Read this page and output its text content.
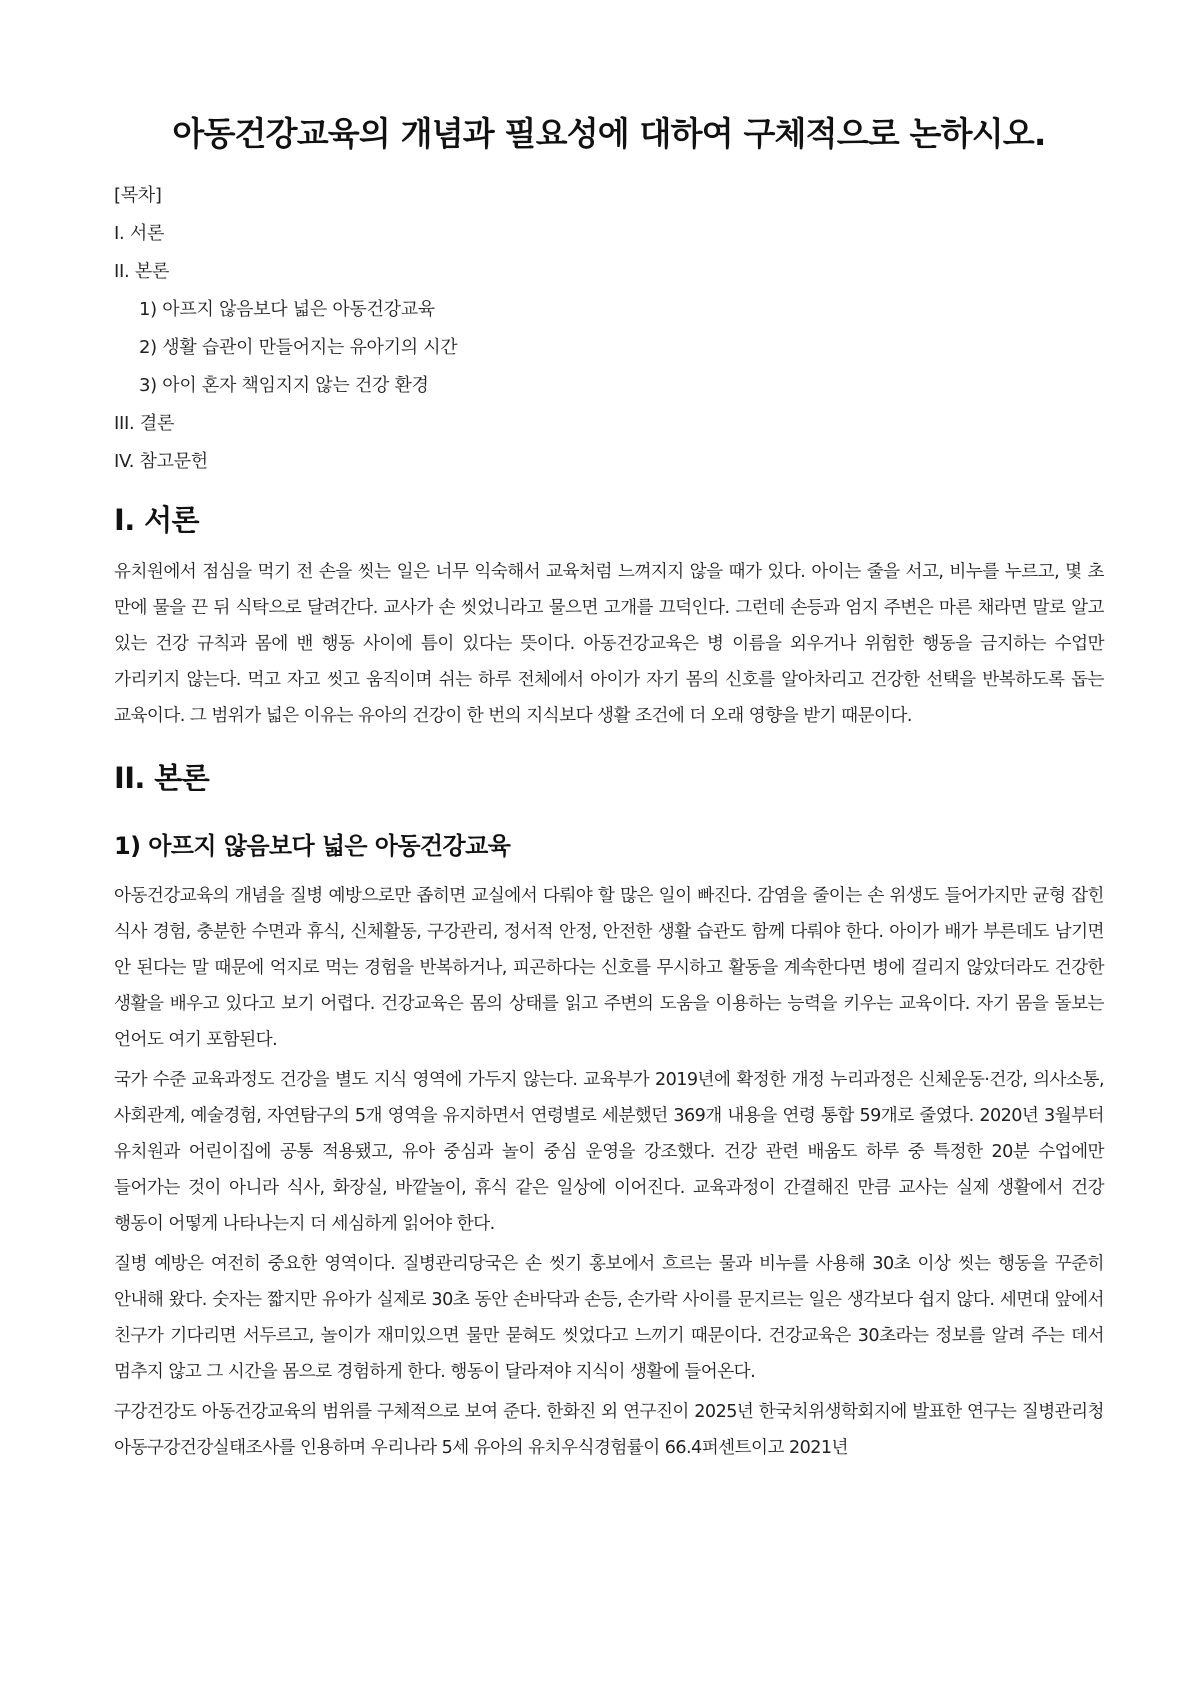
아동건강교육의 개념과 필요성에 대하여 구체적으로 논하시오.
[목차]
I. 서론
II. 본론
1) 아프지 않음보다 넓은 아동건강교육
2) 생활 습관이 만들어지는 유아기의 시간
3) 아이 혼자 책임지지 않는 건강 환경
III. 결론
IV. 참고문헌
I. 서론

유치원에서 점심을 먹기 전 손을 씻는 일은 너무 익숙해서 교육처럼 느껴지지 않을 때가 있다. 아이는 줄을 서고, 비누를 누르고, 몇 초 만에 물을 끈 뒤 식탁으로 달려간다. 교사가 손 씻었니라고 물으면 고개를 끄덕인다. 그런데 손등과 엄지 주변은 마른 채라면 말로 알고 있는 건강 규칙과 몸에 밴 행동 사이에 틈이 있다는 뜻이다. 아동건강교육은 병 이름을 외우거나 위험한 행동을 금지하는 수업만 가리키지 않는다. 먹고 자고 씻고 움직이며 쉬는 하루 전체에서 아이가 자기 몸의 신호를 알아차리고 건강한 선택을 반복하도록 돕는 교육이다. 그 범위가 넓은 이유는 유아의 건강이 한 번의 지식보다 생활 조건에 더 오래 영향을 받기 때문이다.

II. 본론
1) 아프지 않음보다 넓은 아동건강교육

아동건강교육의 개념을 질병 예방으로만 좁히면 교실에서 다뤄야 할 많은 일이 빠진다. 감염을 줄이는 손 위생도 들어가지만 균형 잡힌 식사 경험, 충분한 수면과 휴식, 신체활동, 구강관리, 정서적 안정, 안전한 생활 습관도 함께 다뤄야 한다. 아이가 배가 부른데도 남기면 안 된다는 말 때문에 억지로 먹는 경험을 반복하거나, 피곤하다는 신호를 무시하고 활동을 계속한다면 병에 걸리지 않았더라도 건강한 생활을 배우고 있다고 보기 어렵다. 건강교육은 몸의 상태를 읽고 주변의 도움을 이용하는 능력을 키우는 교육이다. 자기 몸을 돌보는 언어도 여기 포함된다.

국가 수준 교육과정도 건강을 별도 지식 영역에 가두지 않는다. 교육부가 2019년에 확정한 개정 누리과정은 신체운동·건강, 의사소통, 사회관계, 예술경험, 자연탐구의 5개 영역을 유지하면서 연령별로 세분했던 369개 내용을 연령 통합 59개로 줄였다. 2020년 3월부터 유치원과 어린이집에 공통 적용됐고, 유아 중심과 놀이 중심 운영을 강조했다. 건강 관련 배움도 하루 중 특정한 20분 수업에만 들어가는 것이 아니라 식사, 화장실, 바깥놀이, 휴식 같은 일상에 이어진다. 교육과정이 간결해진 만큼 교사는 실제 생활에서 건강 행동이 어떻게 나타나는지 더 세심하게 읽어야 한다.

질병 예방은 여전히 중요한 영역이다. 질병관리당국은 손 씻기 홍보에서 흐르는 물과 비누를 사용해 30초 이상 씻는 행동을 꾸준히 안내해 왔다. 숫자는 짧지만 유아가 실제로 30초 동안 손바닥과 손등, 손가락 사이를 문지르는 일은 생각보다 쉽지 않다. 세면대 앞에서 친구가 기다리면 서두르고, 놀이가 재미있으면 물만 묻혀도 씻었다고 느끼기 때문이다. 건강교육은 30초라는 정보를 알려 주는 데서 멈추지 않고 그 시간을 몸으로 경험하게 한다. 행동이 달라져야 지식이 생활에 들어온다.

구강건강도 아동건강교육의 범위를 구체적으로 보여 준다. 한화진 외 연구진이 2025년 한국치위생학회지에 발표한 연구는 질병관리청 아동구강건강실태조사를 인용하며 우리나라 5세 유아의 유치우식경험률이 66.4퍼센트이고 2021년
